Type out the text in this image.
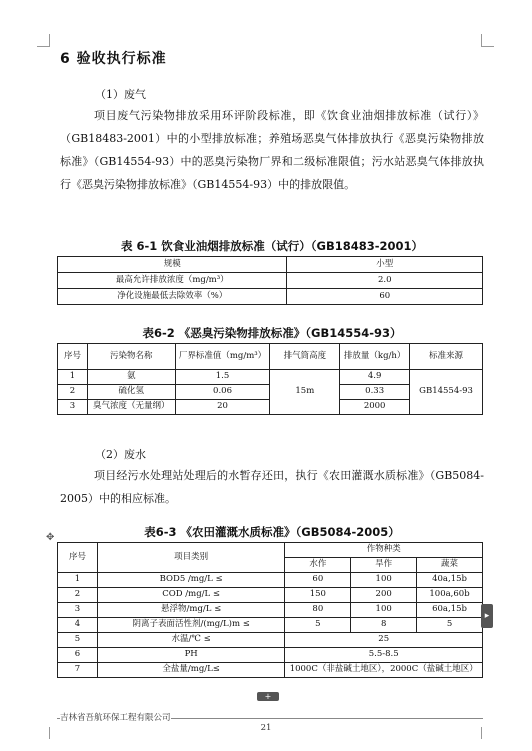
6 验收执行标准
（1）废气

项目废气污染物排放采用环评阶段标准，即《饮食业油烟排放标准（试行）》（GB18483-2001）中的小型排放标准；养殖场恶臭气体排放执行《恶臭污染物排放标准》（GB14554-93）中的恶臭污染物厂界和二级标准限值；污水站恶臭气体排放执行《恶臭污染物排放标准》（GB14554-93）中的排放限值。

表 6-1 饮食业油烟排放标准（试行）（GB18483-2001）
规模	小型
最高允许排放浓度（mg/m³）	2.0
净化设施最低去除效率（%）	60
表6-2 《恶臭污染物排放标准》（GB14554-93）
序号	污染物名称	厂界标准值（mg/m³）	排气筒高度	排放量（kg/h）	标准来源
1	氨	1.5	15m	4.9	GB14554-93
2	硫化氢	0.06		0.33	
3	臭气浓度（无量纲）	20		2000	
（2）废水

项目经污水处理站处理后的水暂存还田，执行《农田灌溉水质标准》（GB5084-2005）中的相应标准。

✥	表6-3 《农田灌溉水质标准》（GB5084-2005）
序号	项目类别	作物种类		
		水作	旱作	蔬菜
1	BOD5 /mg/L ≤	60	100	40a,15b
2	COD /mg/L ≤	150	200	100a,60b
3	悬浮物/mg/L ≤	80	100	60a,15b
4	阴离子表面活性剂/(mg/L)m ≤	5	8	5
5	水温/℃ ≤	25		
6	PH	5.5-8.5		
7	全盐量/mg/L≤	1000C（非盐碱土地区），2000C（盐碱土地区）		
▸
+
吉林省吾航环保工程有限公司
21
